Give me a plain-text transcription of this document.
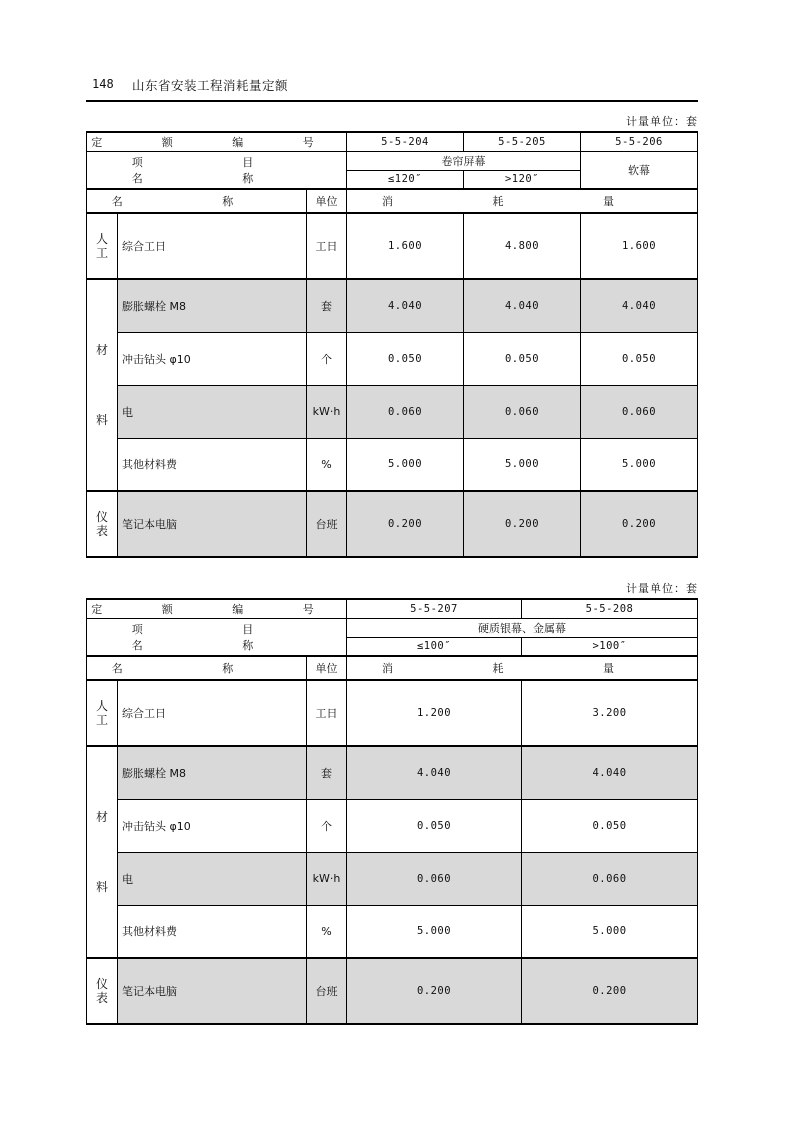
148 山东省安装工程消耗量定额
计量单位：套
定 额 编 号			5-5-204	5-5-205	5-5-206
项 目 名 称			卷帘屏幕		软幕
			≤120″	>120″	
名 称		单位	消 耗 量		
人
工	综合工日	工日	1.600	4.800	1.600
材

料	膨胀螺栓 M8	套	4.040	4.040	4.040
	冲击钻头 φ10	个	0.050	0.050	0.050
	电	kW·h	0.060	0.060	0.060
	其他材料费	%	5.000	5.000	5.000
仪
表	笔记本电脑	台班	0.200	0.200	0.200
计量单位：套
定 额 编 号			5-5-207	5-5-208
项 目 名 称			硬质银幕、金属幕	
			≤100″	>100″
名 称		单位	消 耗 量	
人
工	综合工日	工日	1.200	3.200
材

料	膨胀螺栓 M8	套	4.040	4.040
	冲击钻头 φ10	个	0.050	0.050
	电	kW·h	0.060	0.060
	其他材料费	%	5.000	5.000
仪
表	笔记本电脑	台班	0.200	0.200
